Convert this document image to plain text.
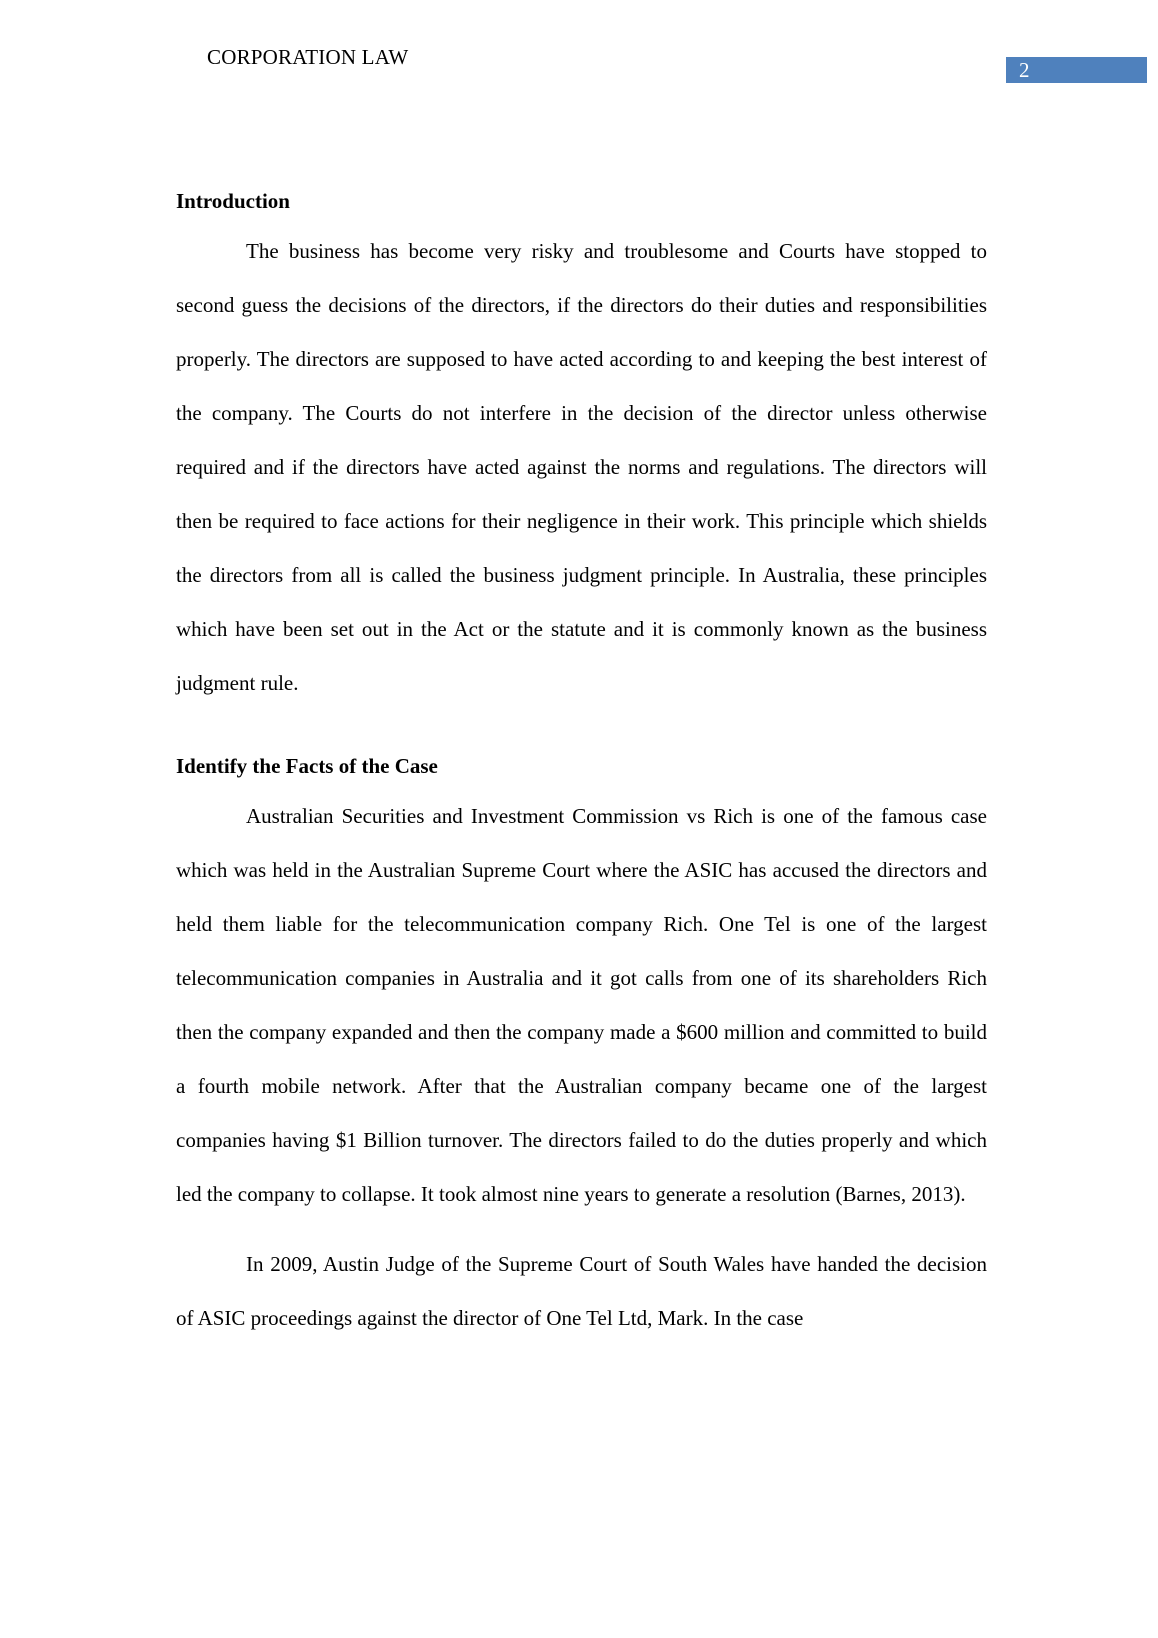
CORPORATION LAW
2
Introduction

The business has become very risky and troublesome and Courts have stopped to second guess the decisions of the directors, if the directors do their duties and responsibilities properly. The directors are supposed to have acted according to and keeping the best interest of the company. The Courts do not interfere in the decision of the director unless otherwise required and if the directors have acted against the norms and regulations. The directors will then be required to face actions for their negligence in their work. This principle which shields the directors from all is called the business judgment principle. In Australia, these principles which have been set out in the Act or the statute and it is commonly known as the business judgment rule.

Identify the Facts of the Case

Australian Securities and Investment Commission vs Rich is one of the famous case which was held in the Australian Supreme Court where the ASIC has accused the directors and held them liable for the telecommunication company Rich. One Tel is one of the largest telecommunication companies in Australia and it got calls from one of its shareholders Rich then the company expanded and then the company made a $600 million and committed to build a fourth mobile network. After that the Australian company became one of the largest companies having $1 Billion turnover. The directors failed to do the duties properly and which led the company to collapse. It took almost nine years to generate a resolution (Barnes, 2013).

In 2009, Austin Judge of the Supreme Court of South Wales have handed the decision of ASIC proceedings against the director of One Tel Ltd, Mark. In the case
